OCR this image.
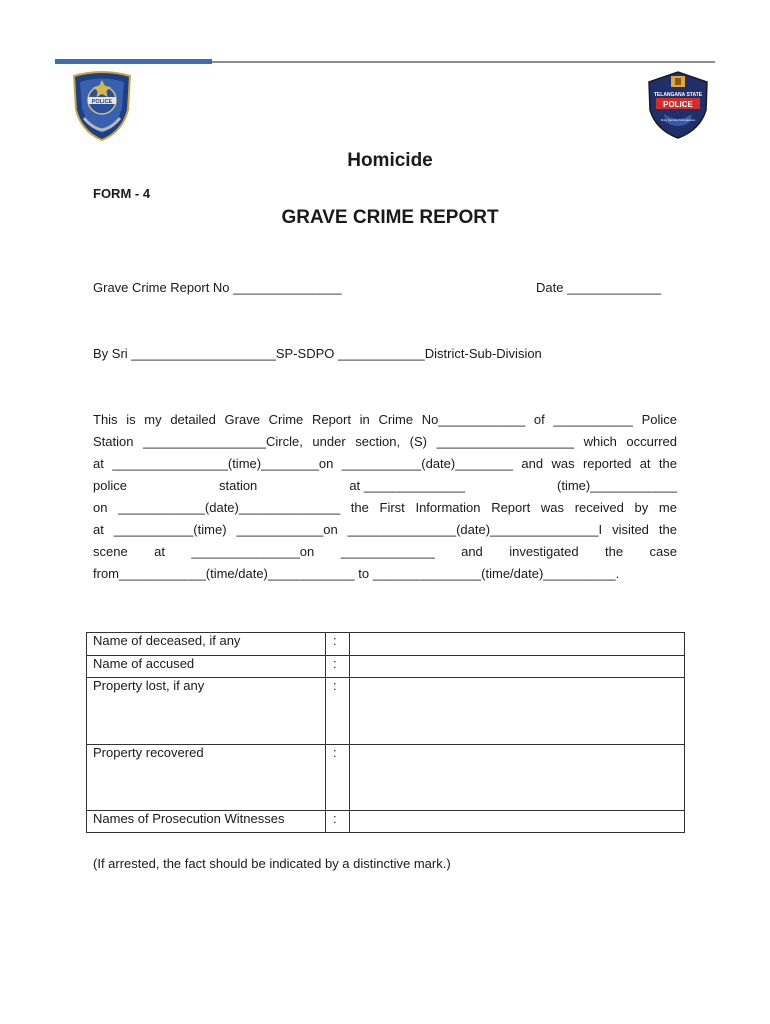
POLICE
TELANGANA STATE
POLICE
Duty Service Compassion
Homicide
FORM - 4
GRAVE CRIME REPORT
Grave Crime Report No _______________	Date _____________
By Sri ____________________SP-SDPO ____________District-Sub-Division
This is my detailed Grave Crime Report in Crime No____________ of ___________ Police
Station _________________Circle, under section, (S) ___________________ which occurred
at ________________(time)________on ___________(date)________ and was reported at the
police	station	at ______________	(time)____________
on ____________(date)______________ the First Information Report was received by me
at ___________(time) ____________on _______________(date)_______________I visited the
scene at _______________on _____________ and investigated the case
from____________(time/date)____________ to _______________(time/date)__________.
Name of deceased, if any	:	
Name of accused	:	
Property lost, if any	:	
Property recovered	:	
Names of Prosecution Witnesses	:	
(If arrested, the fact should be indicated by a distinctive mark.)
